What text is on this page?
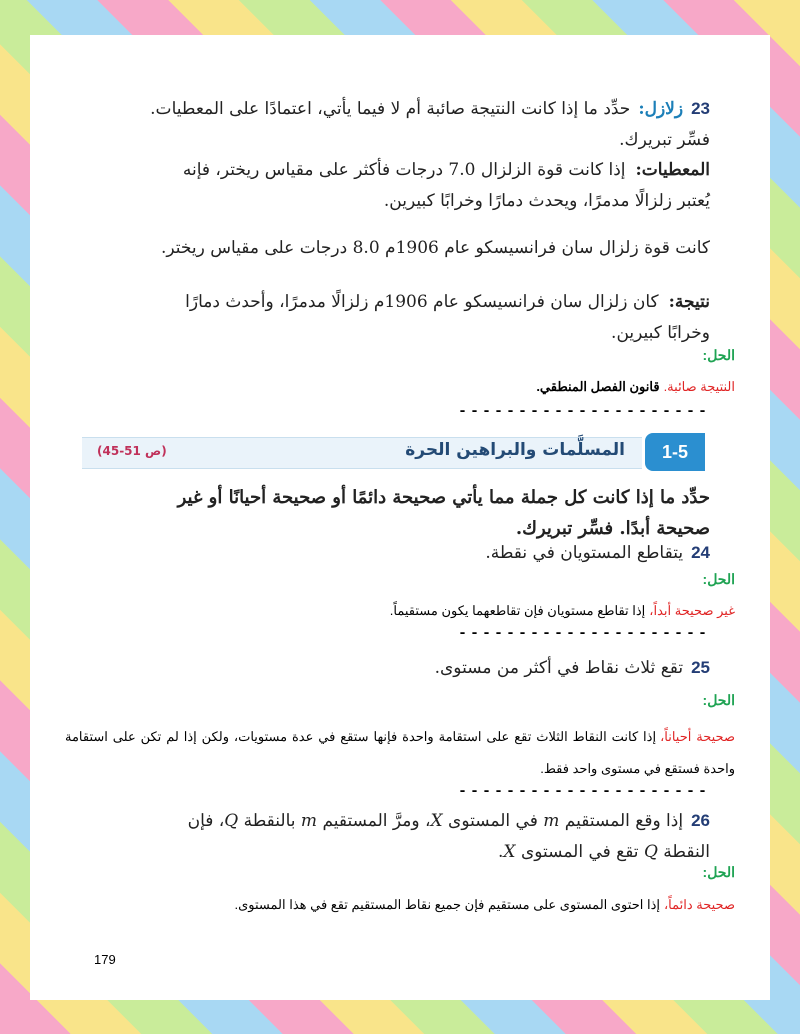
23زلازل:حدِّد ما إذا كانت النتيجة صائبة أم لا فيما يأتي، اعتمادًا على المعطيات. فسِّر تبريرك.
المعطيات:إذا كانت قوة الزلزال 7.0 درجات فأكثر على مقياس ريختر، فإنه يُعتبر زلزالًا مدمرًا، ويحدث دمارًا وخرابًا كبيرين.
كانت قوة زلزال سان فرانسيسكو عام 1906م 8.0 درجات على مقياس ريختر.
نتيجة:كان زلزال سان فرانسيسكو عام 1906م زلزالًا مدمرًا، وأحدث دمارًا وخرابًا كبيرين.
الحل:
النتيجة صائبة.قانون الفصل المنطقي.
---------------------
1-5
المسلَّمات والبراهين الحرة
(ص 51-45)
حدِّد ما إذا كانت كل جملة مما يأتي صحيحة دائمًا أو صحيحة أحيانًا أو غير صحيحة أبدًا. فسِّر تبريرك.
24يتقاطع المستويان في نقطة.
الحل:
غير صحيحة أبداً،إذا تقاطع مستويان فإن تقاطعهما يكون مستقيماً.
---------------------
25تقع ثلاث نقاط في أكثر من مستوى.
الحل:
صحيحة أحياناً،إذا كانت النقاط الثلاث تقع على استقامة واحدة فإنها ستقع في عدة مستويات، ولكن إذا لم تكن على استقامة واحدة فستقع في مستوى واحد فقط.
---------------------
26إذا وقع المستقيم m في المستوى X، ومرَّ المستقيم m بالنقطة Q، فإن النقطة Q تقع في المستوى X.
الحل:
صحيحة دائماً،إذا احتوى المستوى على مستقيم فإن جميع نقاط المستقيم تقع في هذا المستوى.
179
